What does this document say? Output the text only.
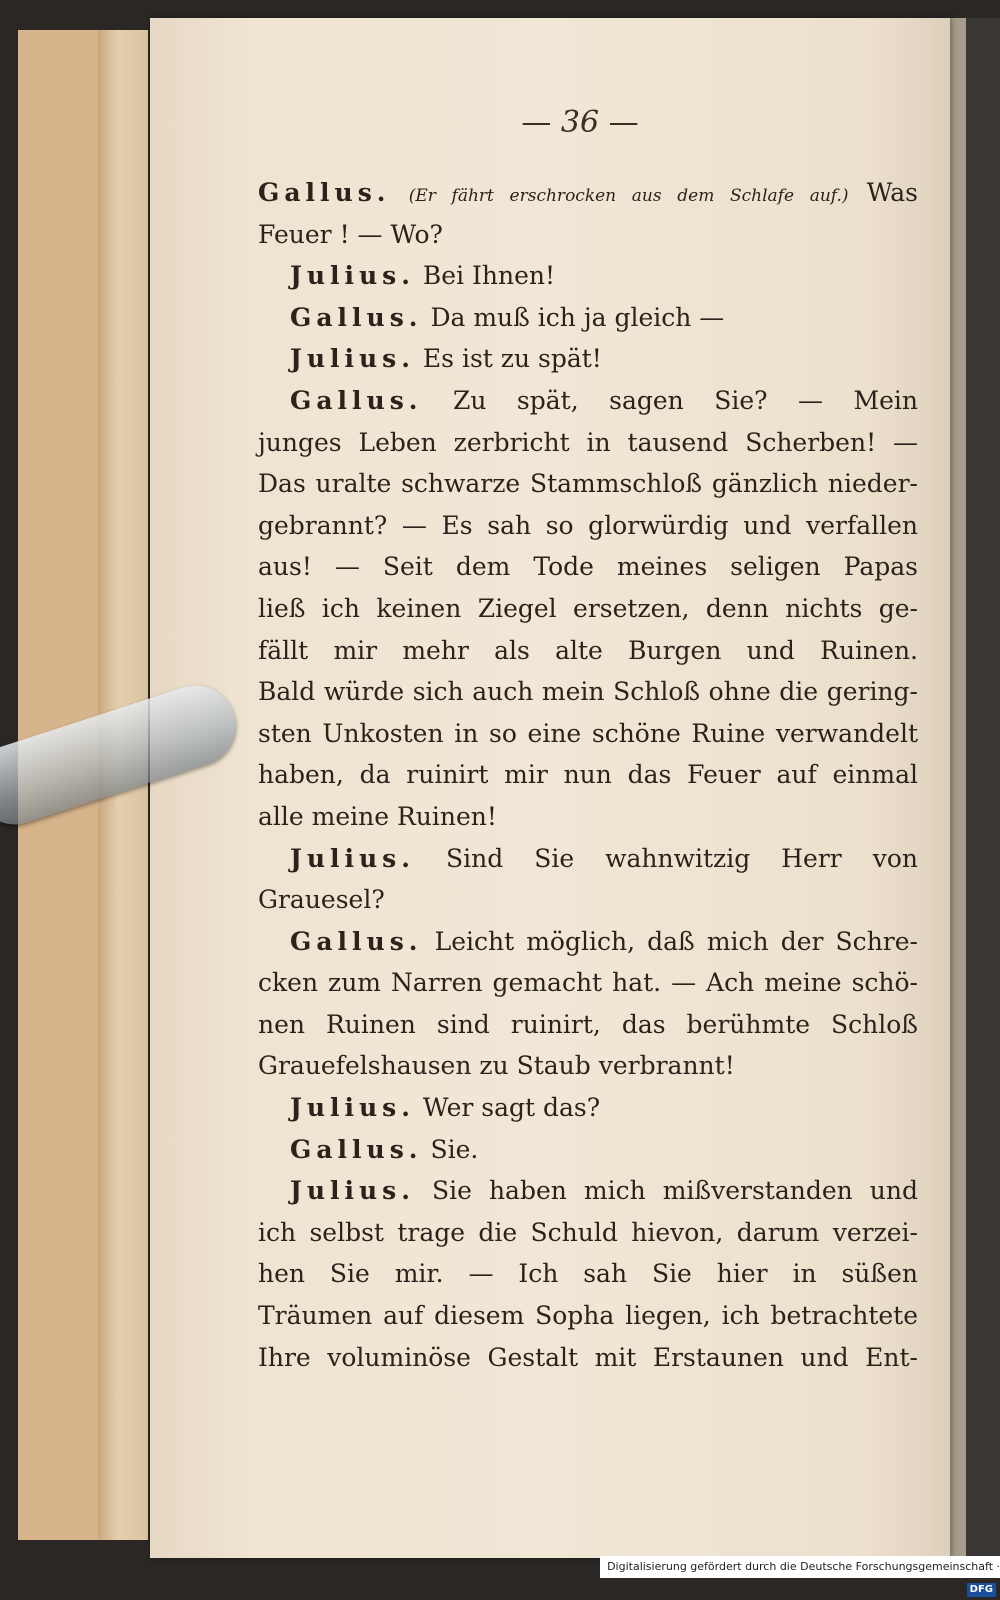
— 36 —
Gallus. (Er fährt erschrocken aus dem Schlafe auf.) Was
Feuer ! — Wo?
Julius. Bei Ihnen!
Gallus. Da muß ich ja gleich —
Julius. Es ist zu spät!
Gallus. Zu spät, sagen Sie? — Mein
junges Leben zerbricht in tausend Scherben! —
Das uralte schwarze Stammschloß gänzlich nieder-
gebrannt? — Es sah so glorwürdig und verfallen
aus! — Seit dem Tode meines seligen Papas
ließ ich keinen Ziegel ersetzen, denn nichts ge-
fällt mir mehr als alte Burgen und Ruinen.
Bald würde sich auch mein Schloß ohne die gering-
sten Unkosten in so eine schöne Ruine verwandelt
haben, da ruinirt mir nun das Feuer auf einmal
alle meine Ruinen!
Julius. Sind Sie wahnwitzig Herr von
Grauesel?
Gallus. Leicht möglich, daß mich der Schre-
cken zum Narren gemacht hat. — Ach meine schö-
nen Ruinen sind ruinirt, das berühmte Schloß
Grauefelshausen zu Staub verbrannt!
Julius. Wer sagt das?
Gallus. Sie.
Julius. Sie haben mich mißverstanden und
ich selbst trage die Schuld hievon, darum verzei-
hen Sie mir. — Ich sah Sie hier in süßen
Träumen auf diesem Sopha liegen, ich betrachtete
Ihre voluminöse Gestalt mit Erstaunen und Ent-
Digitalisierung gefördert durch die Deutsche Forschungsgemeinschaft · DFG
